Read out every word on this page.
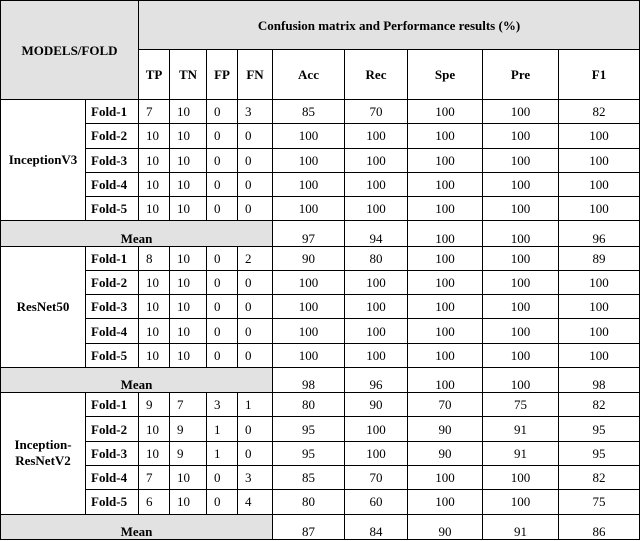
MODELS/FOLD		Confusion matrix and Performance results (%)								
		TP	TN	FP	FN	Acc	Rec	Spe	Pre	F1
InceptionV3	Fold-1	7	10	0	3	85	70	100	100	82
	Fold-2	10	10	0	0	100	100	100	100	100
	Fold-3	10	10	0	0	100	100	100	100	100
	Fold-4	10	10	0	0	100	100	100	100	100
	Fold-5	10	10	0	0	100	100	100	100	100
Mean						97	94	100	100	96
ResNet50	Fold-1	8	10	0	2	90	80	100	100	89
	Fold-2	10	10	0	0	100	100	100	100	100
	Fold-3	10	10	0	0	100	100	100	100	100
	Fold-4	10	10	0	0	100	100	100	100	100
	Fold-5	10	10	0	0	100	100	100	100	100
Mean						98	96	100	100	98
Inception-
ResNetV2	Fold-1	9	7	3	1	80	90	70	75	82
	Fold-2	10	9	1	0	95	100	90	91	95
	Fold-3	10	9	1	0	95	100	90	91	95
	Fold-4	7	10	0	3	85	70	100	100	82
	Fold-5	6	10	0	4	80	60	100	100	75
Mean						87	84	90	91	86
